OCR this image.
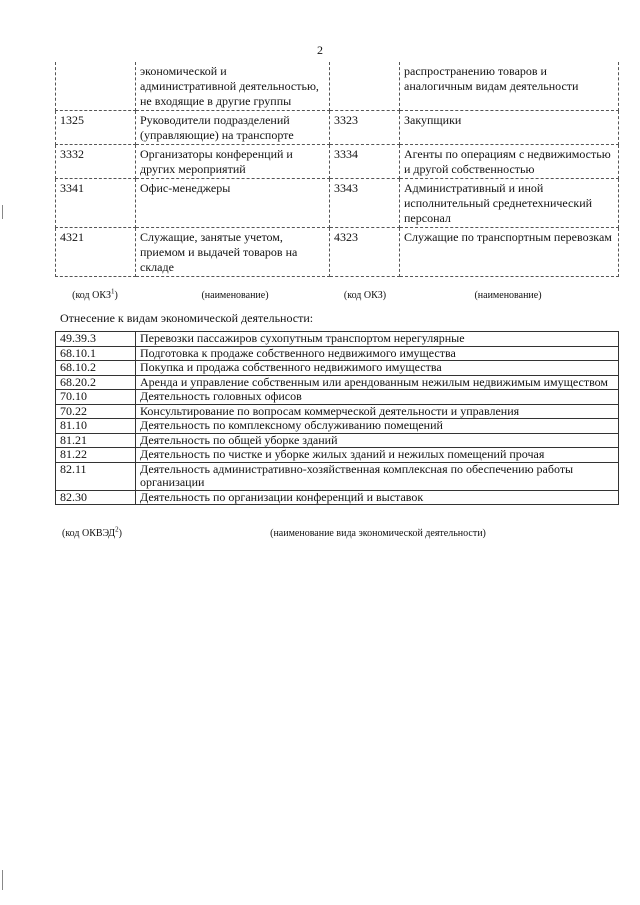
2
	экономической и административной деятельностью, не входящие в другие группы		распространению товаров и аналогичным видам деятельности
1325	Руководители подразделений (управляющие) на транспорте	3323	Закупщики
3332	Организаторы конференций и других мероприятий	3334	Агенты по операциям с недвижимостью и другой собственностью
3341	Офис-менеджеры	3343	Административный и иной исполнительный среднетехнический персонал
4321	Служащие, занятые учетом, приемом и выдачей товаров на складе	4323	Служащие по транспортным перевозкам
(код ОКЗ$^1$)	(наименование)	(код ОКЗ)	(наименование)
Отнесение к видам экономической деятельности:
49.39.3	Перевозки пассажиров сухопутным транспортом нерегулярные
68.10.1	Подготовка к продаже собственного недвижимого имущества
68.10.2	Покупка и продажа собственного недвижимого имущества
68.20.2	Аренда и управление собственным или арендованным нежилым недвижимым имуществом
70.10	Деятельность головных офисов
70.22	Консультирование по вопросам коммерческой деятельности и управления
81.10	Деятельность по комплексному обслуживанию помещений
81.21	Деятельность по общей уборке зданий
81.22	Деятельность по чистке и уборке жилых зданий и нежилых помещений прочая
82.11	Деятельность административно-хозяйственная комплексная по обеспечению работы организации
82.30	Деятельность по организации конференций и выставок
(код ОКВЭД$^2$)	(наименование вида экономической деятельности)
